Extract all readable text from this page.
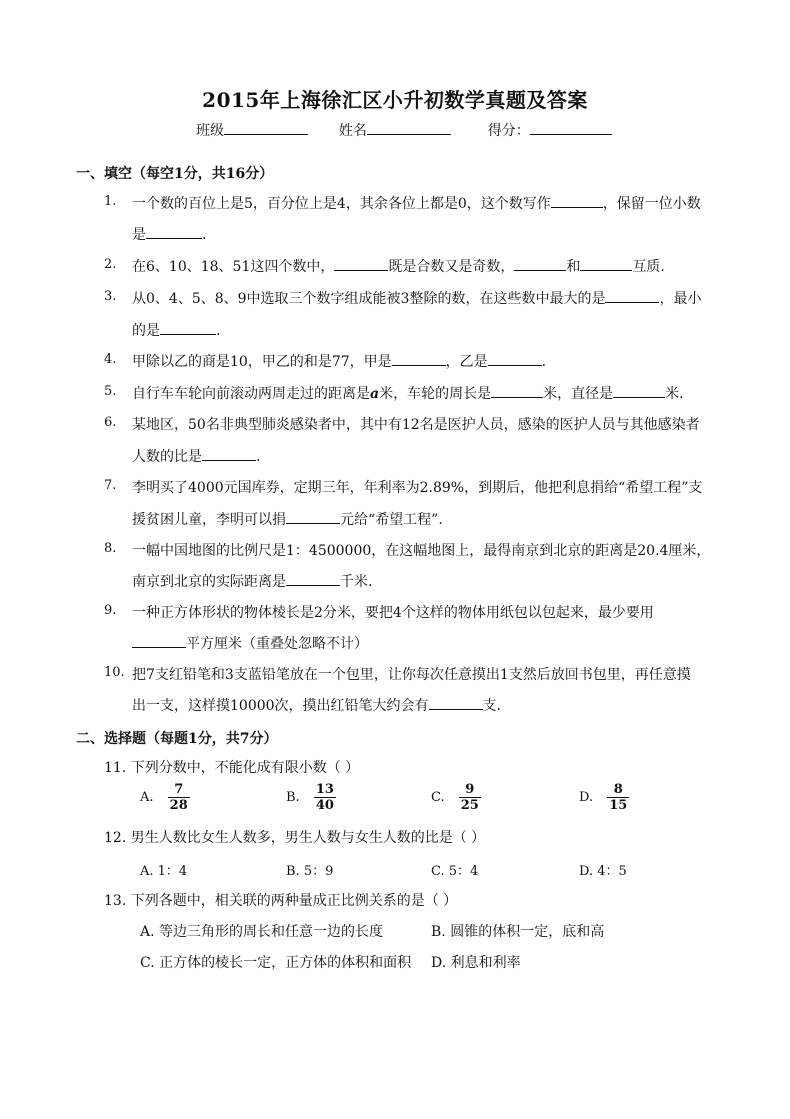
2015年上海徐汇区小升初数学真题及答案
班级	姓名	得分：
一、填空（每空1分，共16分）
1. 一个数的百位上是5，百分位上是4，其余各位上都是0，这个数写作	，保留一位小数
是	.
2. 在6、10、18、51这四个数中，	既是合数又是奇数，	和	互质.
3. 从0、4、5、8、9中选取三个数字组成能被3整除的数，在这些数中最大的是	，最小
的是	.
4. 甲除以乙的商是10，甲乙的和是77，甲是	，乙是	.
5. 自行车车轮向前滚动两周走过的距离是a米，车轮的周长是	米，直径是	米.
6. 某地区，50名非典型肺炎感染者中，其中有12名是医护人员，感染的医护人员与其他感染者
人数的比是	.
7. 李明买了4000元国库券，定期三年，年利率为2.89%，到期后，他把利息捐给“希望工程”支
援贫困儿童，李明可以捐	元给“希望工程”.
8. 一幅中国地图的比例尺是1：4500000，在这幅地图上，最得南京到北京的距离是20.4厘米，
南京到北京的实际距离是	千米.
9. 一种正方体形状的物体棱长是2分米，要把4个这样的物体用纸包以包起来，最少要用
平方厘米（重叠处忽略不计）
10. 把7支红铅笔和3支蓝铅笔放在一个包里，让你每次任意摸出1支然后放回书包里，再任意摸
出一支，这样摸10000次，摸出红铅笔大约会有	支.
二、选择题（每题1分，共7分）
11. 下列分数中，不能化成有限小数（ ）
A. $\frac{7}{28}$	B. $\frac{13}{40}$	C. $\frac{9}{25}$	D. $\frac{8}{15}$
12. 男生人数比女生人数多，男生人数与女生人数的比是（ ）
A. 1：4	B. 5：9	C. 5：4	D. 4：5
13. 下列各题中，相关联的两种量成正比例关系的是（ ）
A. 等边三角形的周长和任意一边的长度	B. 圆锥的体积一定，底和高
C. 正方体的棱长一定，正方体的体积和面积 D. 利息和利率
